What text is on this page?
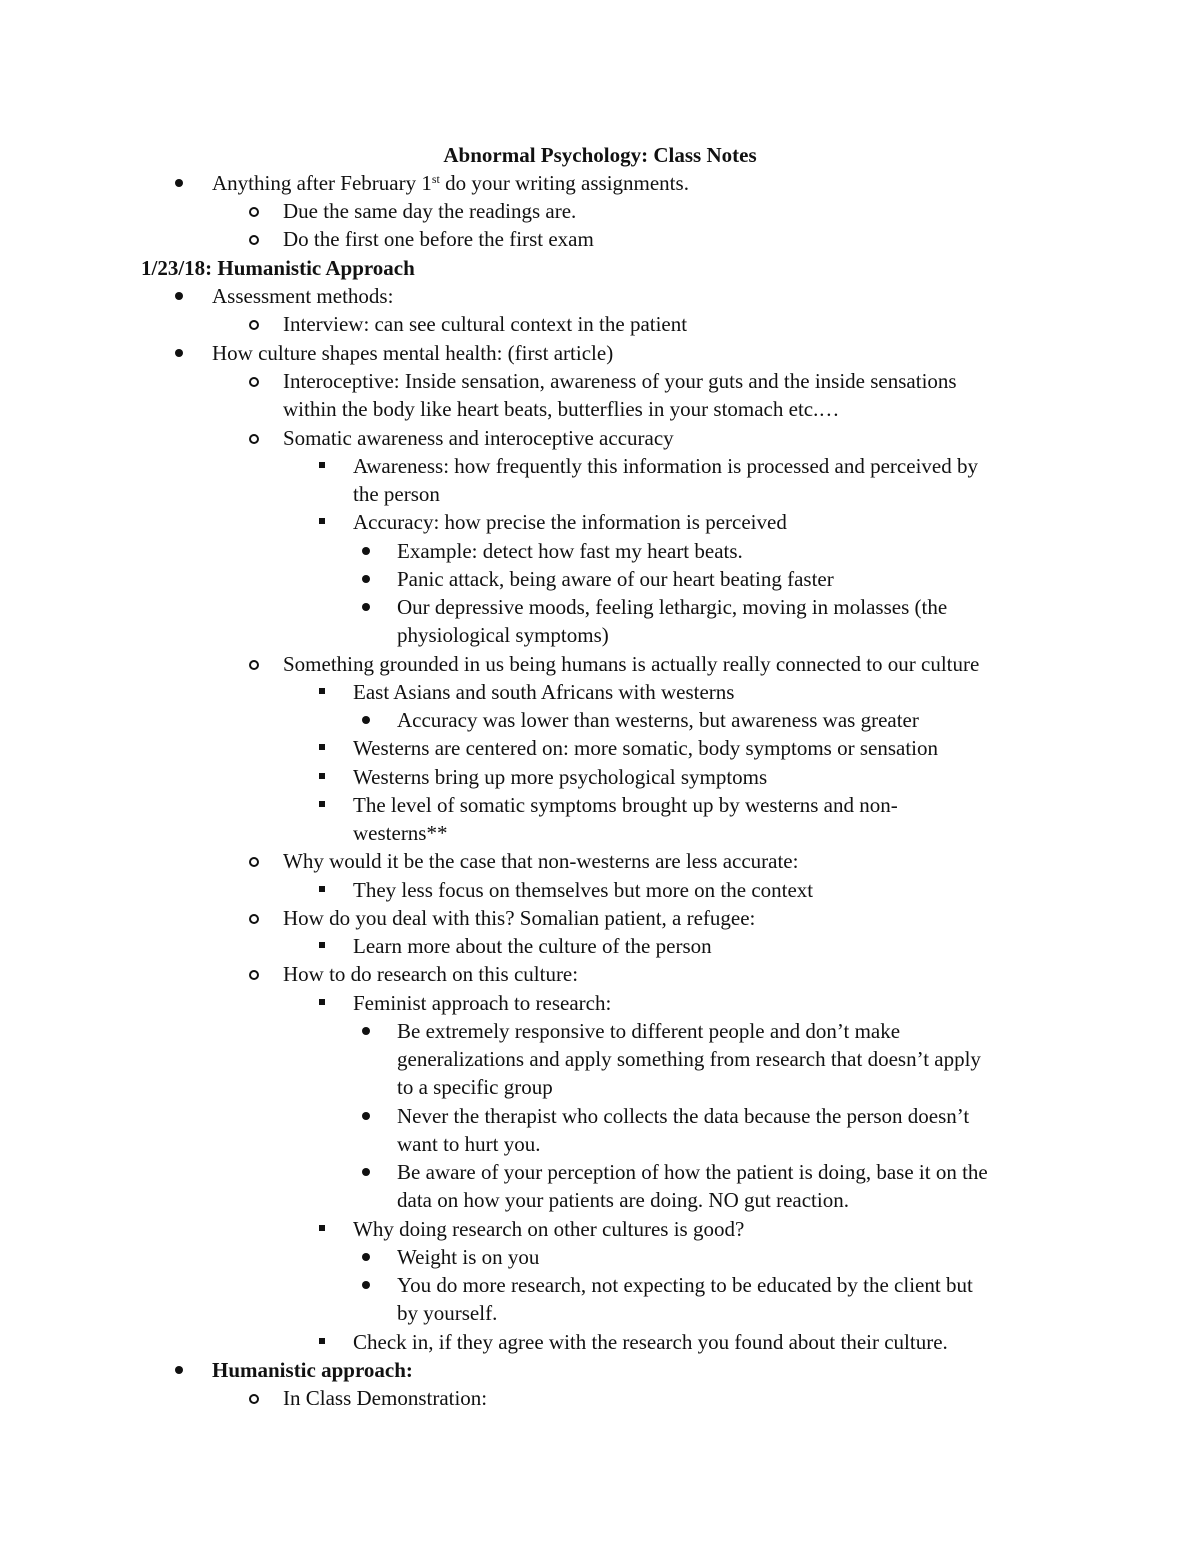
Abnormal Psychology: Class Notes
Anything after February 1st do your writing assignments.
Due the same day the readings are.
Do the first one before the first exam
1/23/18: Humanistic Approach
Assessment methods:
Interview: can see cultural context in the patient
How culture shapes mental health: (first article)
Interoceptive: Inside sensation, awareness of your guts and the inside sensations
within the body like heart beats, butterflies in your stomach etc.…
Somatic awareness and interoceptive accuracy
Awareness: how frequently this information is processed and perceived by
the person
Accuracy: how precise the information is perceived
Example: detect how fast my heart beats.
Panic attack, being aware of our heart beating faster
Our depressive moods, feeling lethargic, moving in molasses (the
physiological symptoms)
Something grounded in us being humans is actually really connected to our culture
East Asians and south Africans with westerns
Accuracy was lower than westerns, but awareness was greater
Westerns are centered on: more somatic, body symptoms or sensation
Westerns bring up more psychological symptoms
The level of somatic symptoms brought up by westerns and non-
westerns**
Why would it be the case that non-westerns are less accurate:
They less focus on themselves but more on the context
How do you deal with this? Somalian patient, a refugee:
Learn more about the culture of the person
How to do research on this culture:
Feminist approach to research:
Be extremely responsive to different people and don’t make
generalizations and apply something from research that doesn’t apply
to a specific group
Never the therapist who collects the data because the person doesn’t
want to hurt you.
Be aware of your perception of how the patient is doing, base it on the
data on how your patients are doing. NO gut reaction.
Why doing research on other cultures is good?
Weight is on you
You do more research, not expecting to be educated by the client but
by yourself.
Check in, if they agree with the research you found about their culture.
Humanistic approach:
In Class Demonstration:
